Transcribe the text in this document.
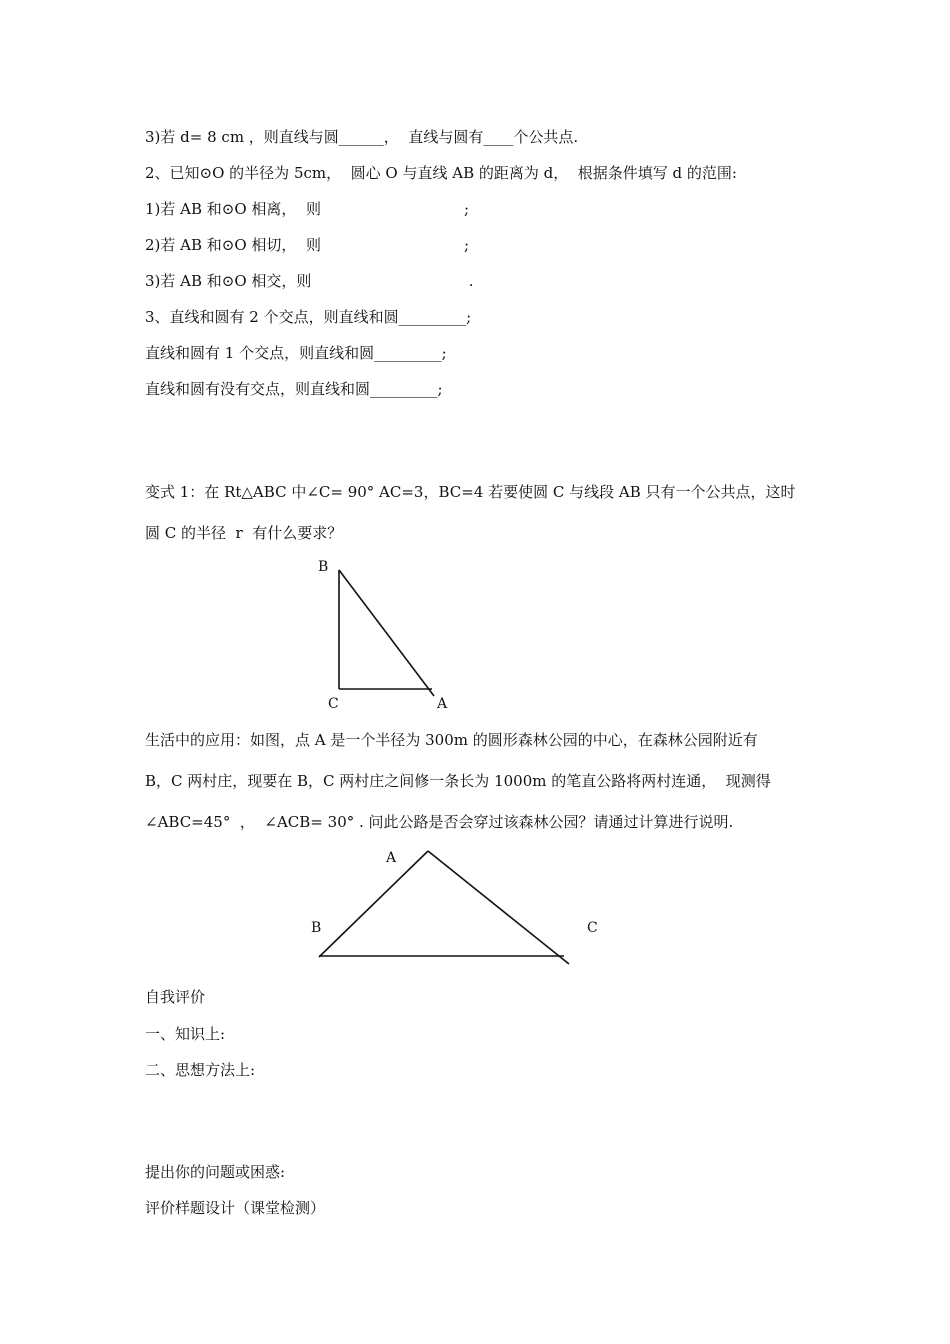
3)若 d= 8 cm ，则直线与圆______，  直线与圆有____个公共点.
2、已知⊙O 的半径为 5cm，  圆心 O 与直线 AB 的距离为 d，  根据条件填写 d 的范围:
1)若 AB 和⊙O 相离，  则                              ;
2)若 AB 和⊙O 相切，  则                              ;
3)若 AB 和⊙O 相交，则                                 .
3、直线和圆有 2 个交点，则直线和圆_________;
直线和圆有 1 个交点，则直线和圆_________;
直线和圆有没有交点，则直线和圆_________;
变式 1：在 Rt△ABC 中∠C= 90° AC=3，BC=4 若要使圆 C 与线段 AB 只有一个公共点，这时
圆 C 的半径  r  有什么要求？
B
C	A
生活中的应用：如图，点 A 是一个半径为 300m 的圆形森林公园的中心，在森林公园附近有
B，C 两村庄，现要在 B，C 两村庄之间修一条长为 1000m 的笔直公路将两村连通，  现测得
∠ABC=45°  ，  ∠ACB= 30° . 问此公路是否会穿过该森林公园？请通过计算进行说明.
A
B	C
自我评价
一、知识上:
二、思想方法上:
提出你的问题或困惑:
评价样题设计（课堂检测）
